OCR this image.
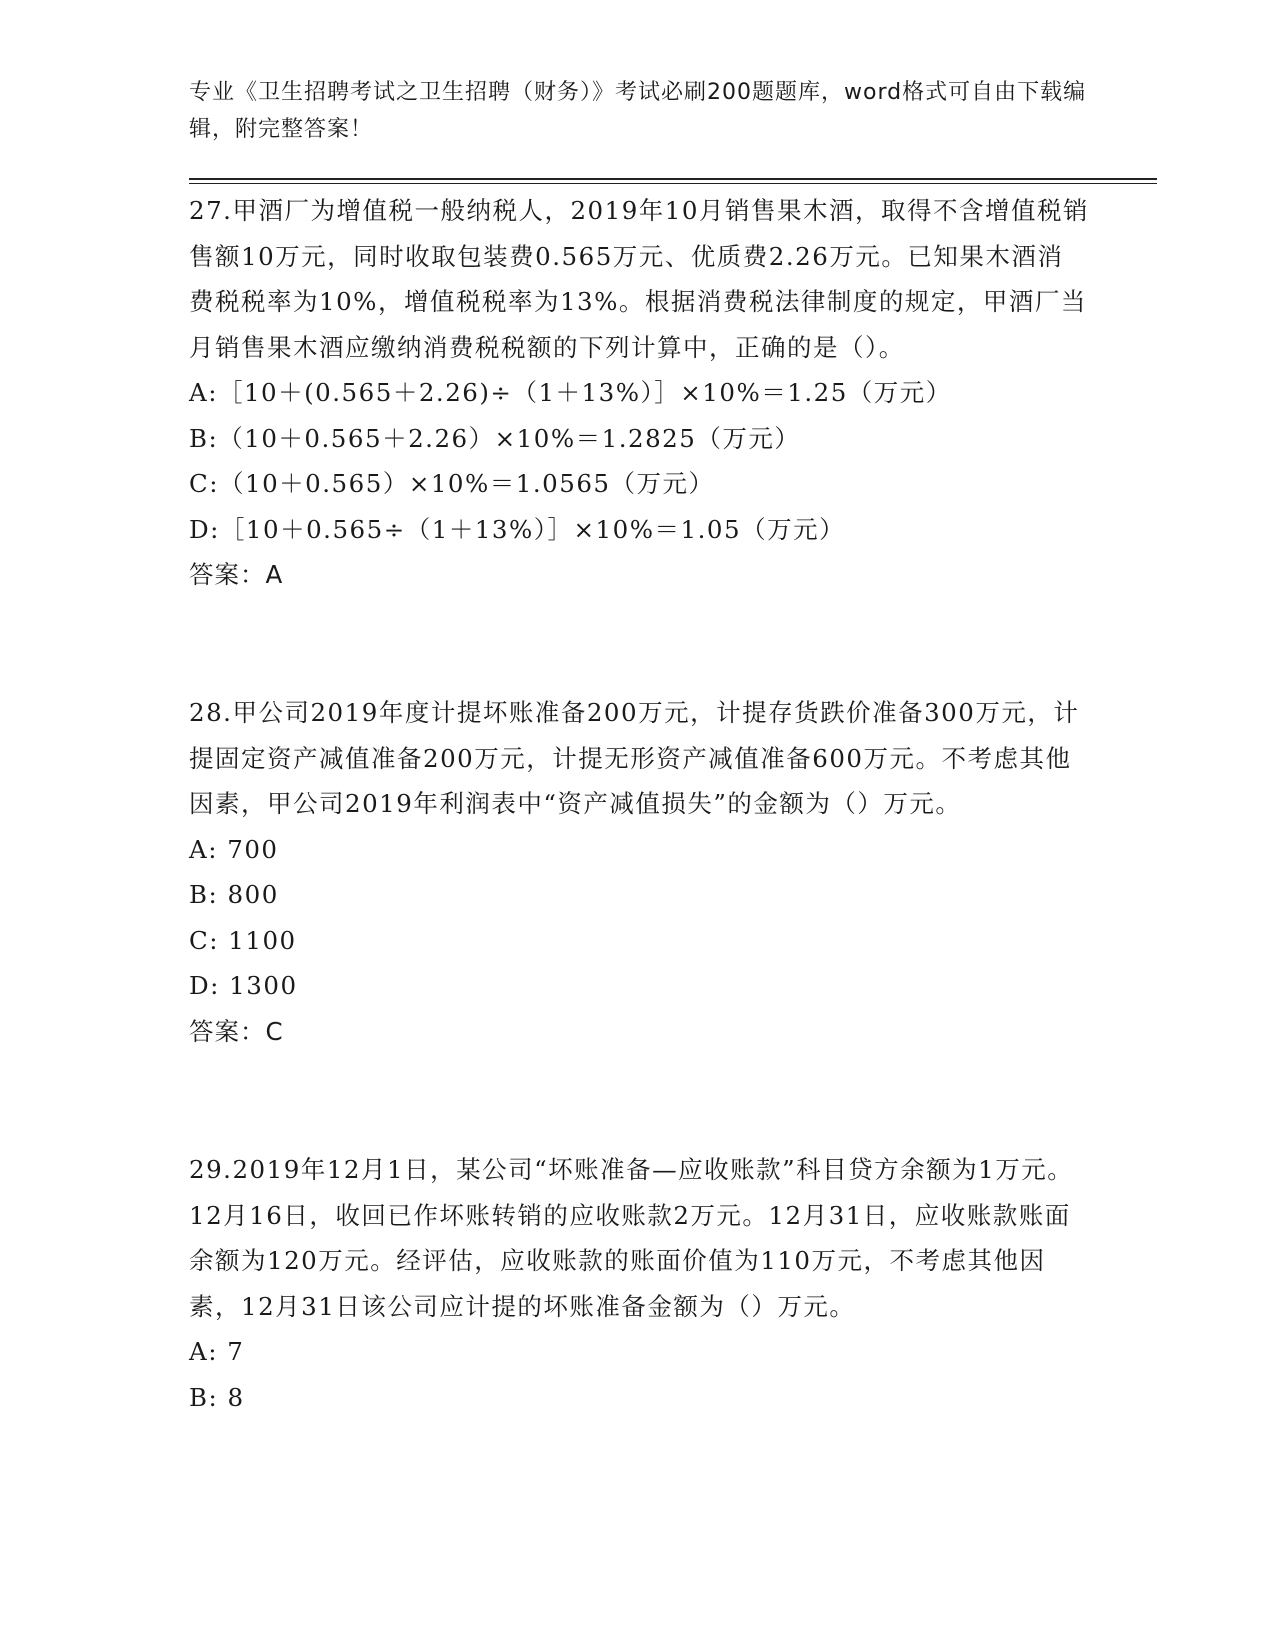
专业《卫生招聘考试之卫生招聘（财务）》考试必刷200题题库，word格式可自由下载编辑，附完整答案！

27.甲酒厂为增值税一般纳税人，2019年10月销售果木酒，取得不含增值税销售额10万元，同时收取包装费0.565万元、优质费2.26万元。已知果木酒消费税税率为10%，增值税税率为13%。根据消费税法律制度的规定，甲酒厂当月销售果木酒应缴纳消费税税额的下列计算中，正确的是（）。

A:［10＋(0.565＋2.26)÷（1＋13%）］×10%＝1.25（万元）

B:（10＋0.565＋2.26）×10%＝1.2825（万元）

C:（10＋0.565）×10%＝1.0565（万元）

D:［10＋0.565÷（1＋13%）］×10%＝1.05（万元）

答案：A

28.甲公司2019年度计提坏账准备200万元，计提存货跌价准备300万元，计提固定资产减值准备200万元，计提无形资产减值准备600万元。不考虑其他因素，甲公司2019年利润表中“资产减值损失”的金额为（）万元。

A: 700

B: 800

C: 1100

D: 1300

答案：C

29.2019年12月1日，某公司“坏账准备—应收账款”科目贷方余额为1万元。12月16日，收回已作坏账转销的应收账款2万元。12月31日，应收账款账面余额为120万元。经评估，应收账款的账面价值为110万元，不考虑其他因素，12月31日该公司应计提的坏账准备金额为（）万元。

A: 7

B: 8
